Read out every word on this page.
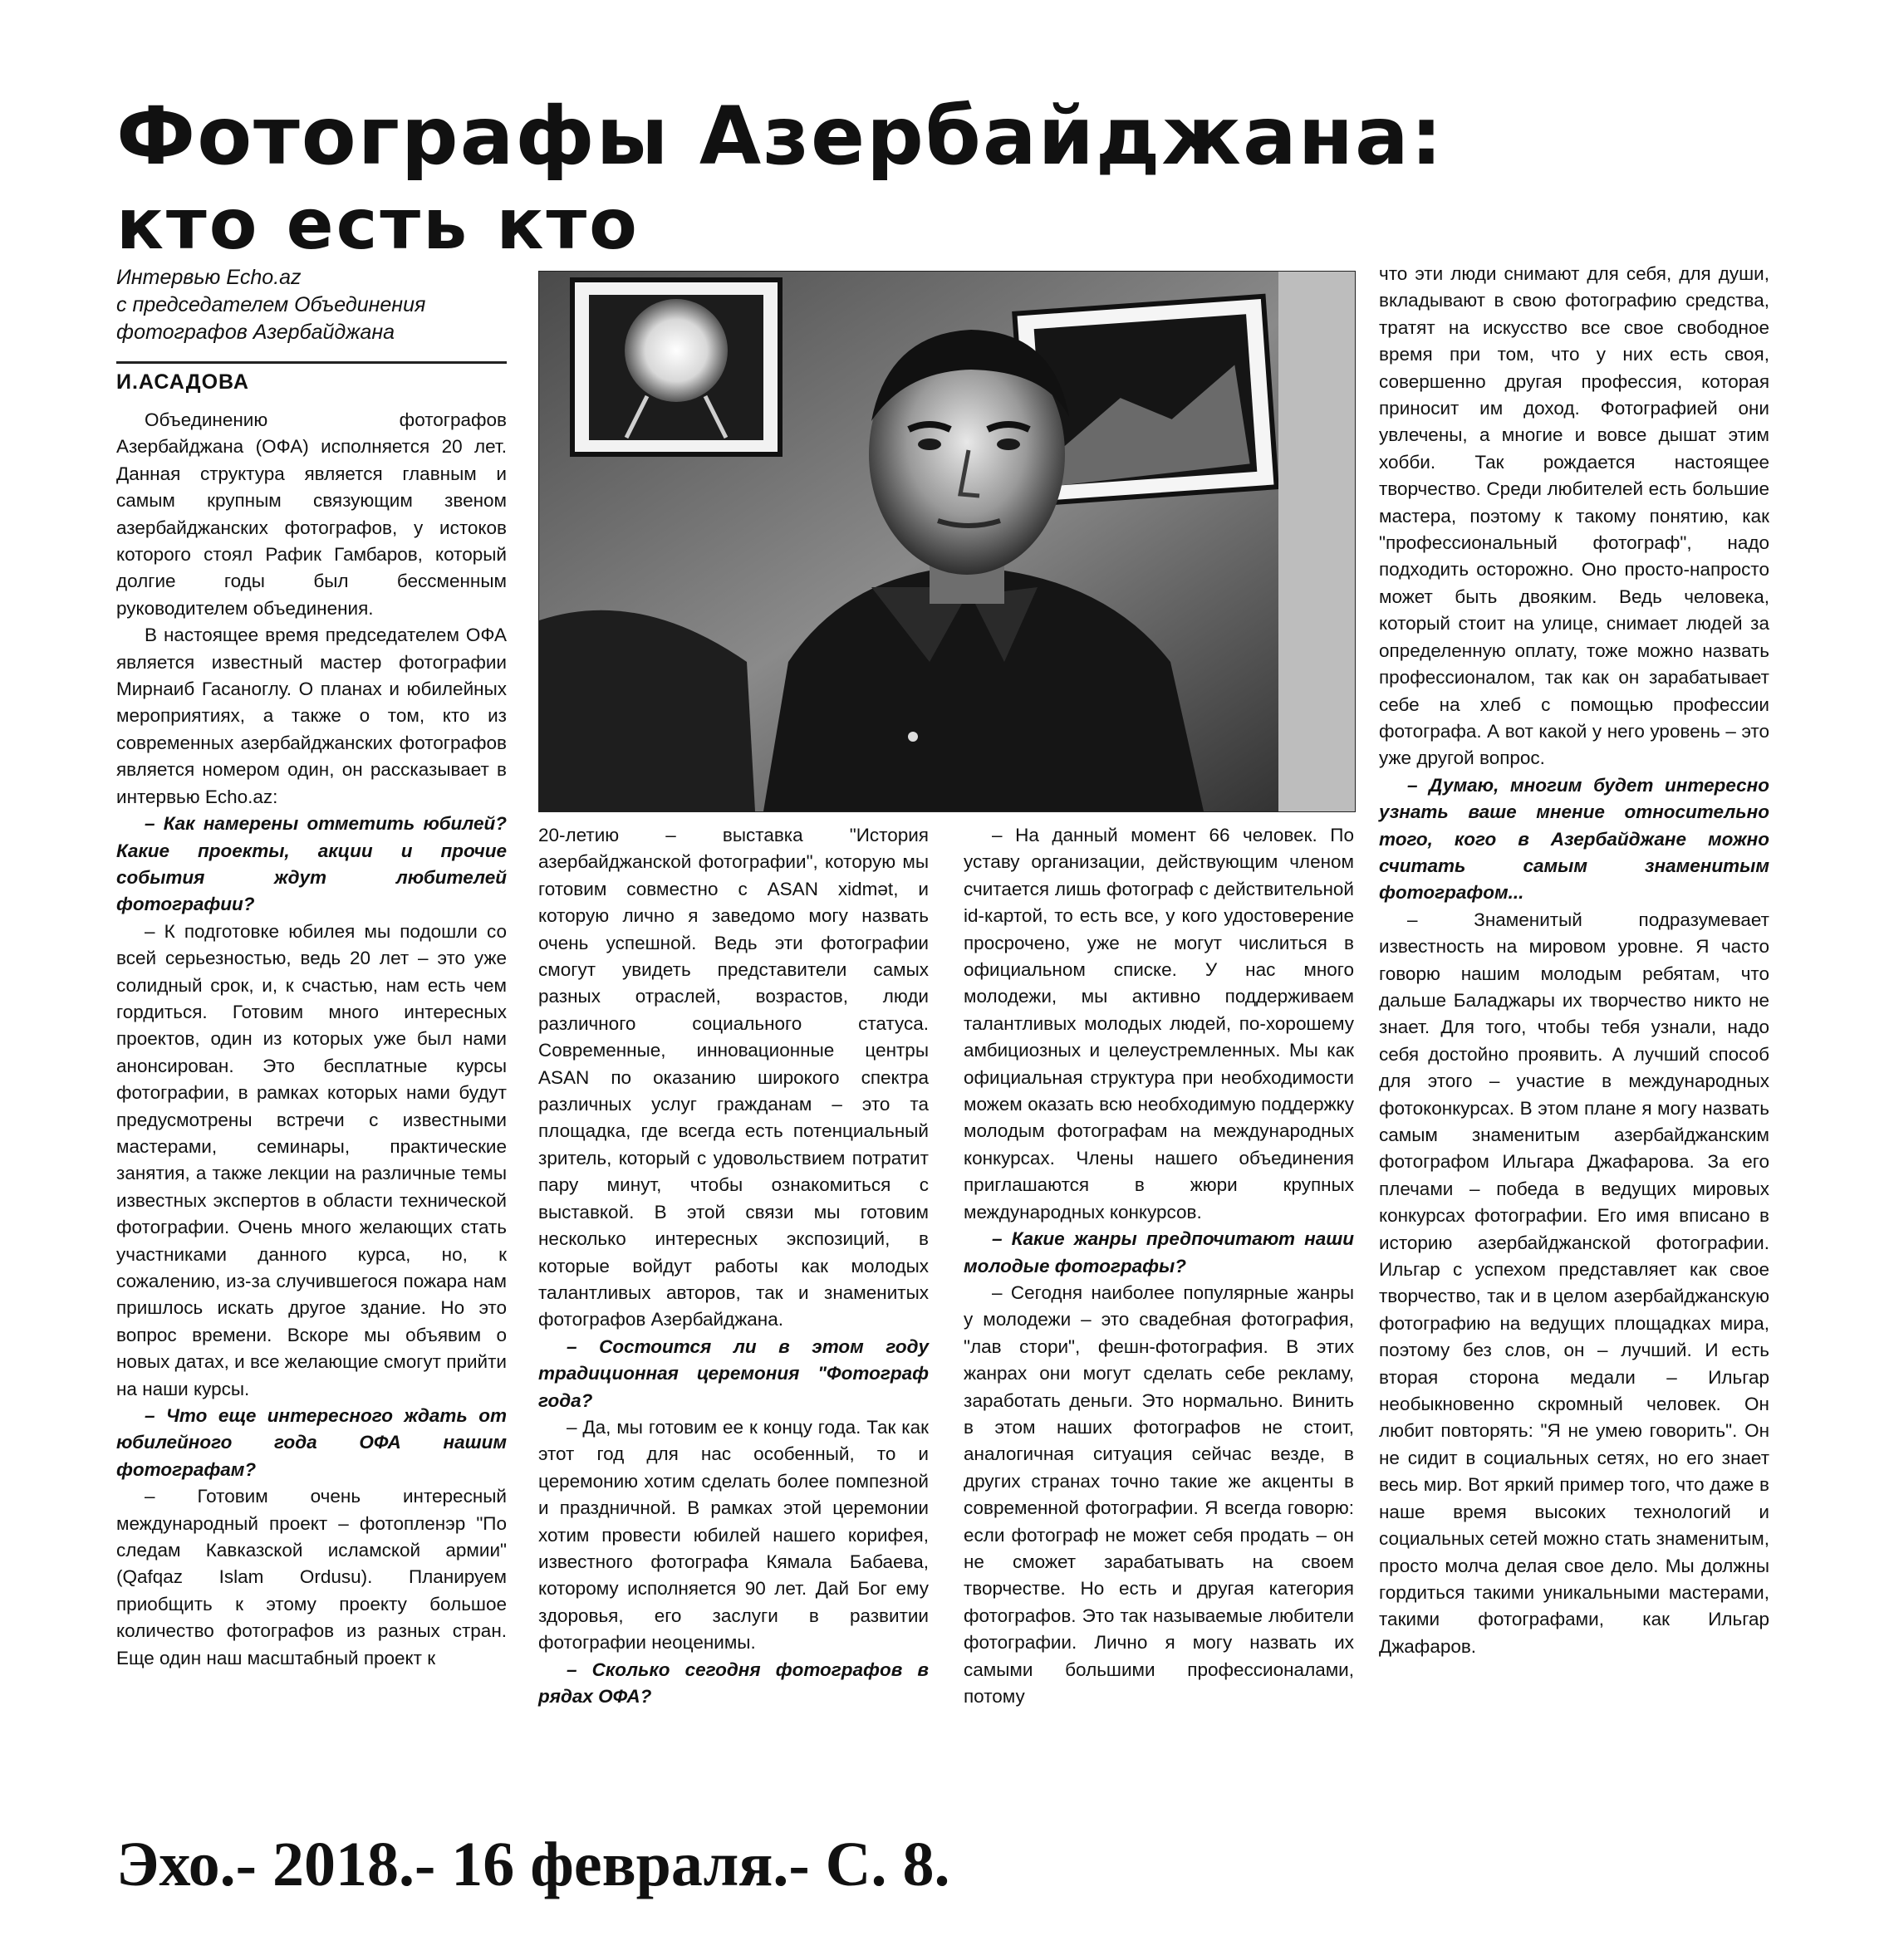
Фотографы Азербайджана:
кто есть кто

Интервью Echo.az

с председателем Объединения

фотографов Азербайджана

И.АСАДОВА

Объединению фотографов Азербайджана (ОФА) исполняется 20 лет. Данная структура является главным и самым крупным связующим звеном азербайджанских фотографов, у истоков которого стоял Рафик Гамбаров, который долгие годы был бессменным руководителем объединения.

В настоящее время председателем ОФА является известный мастер фотографии Мирнаиб Гасаноглу. О планах и юбилейных мероприятиях, а также о том, кто из современных азербайджанских фотографов является номером один, он рассказывает в интервью Echo.az:

– Как намерены отметить юбилей? Какие проекты, акции и прочие события ждут любителей фотографии?

– К подготовке юбилея мы подошли со всей серьезностью, ведь 20 лет – это уже солидный срок, и, к счастью, нам есть чем гордиться. Готовим много интересных проектов, один из которых уже был нами анонсирован. Это бесплатные курсы фотографии, в рамках которых нами будут предусмотрены встречи с известными мастерами, семинары, практические занятия, а также лекции на различные темы известных экспертов в области технической фотографии. Очень много желающих стать участниками данного курса, но, к сожалению, из-за случившегося пожара нам пришлось искать другое здание. Но это вопрос времени. Вскоре мы объявим о новых датах, и все желающие смогут прийти на наши курсы.

– Что еще интересного ждать от юбилейного года ОФА нашим фотографам?

– Готовим очень интересный международный проект – фотопленэр "По следам Кавказской исламской армии" (Qafqaz Islam Ordusu). Планируем приобщить к этому проекту большое количество фотографов из разных стран. Еще один наш масштабный проект к

20-летию – выставка "История азербайджанской фотографии", которую мы готовим совместно с ASAN xidmət, и которую лично я заведомо могу назвать очень успешной. Ведь эти фотографии смогут увидеть представители самых разных отраслей, возрастов, люди различного социального статуса. Современные, инновационные центры ASAN по оказанию широкого спектра различных услуг гражданам – это та площадка, где всегда есть потенциальный зритель, который с удовольствием потратит пару минут, чтобы ознакомиться с выставкой. В этой связи мы готовим несколько интересных экспозиций, в которые войдут работы как молодых талантливых авторов, так и знаменитых фотографов Азербайджана.

– Состоится ли в этом году традиционная церемония "Фотограф года?

– Да, мы готовим ее к концу года. Так как этот год для нас особенный, то и церемонию хотим сделать более помпезной и праздничной. В рамках этой церемонии хотим провести юбилей нашего корифея, известного фотографа Кямала Бабаева, которому исполняется 90 лет. Дай Бог ему здоровья, его заслуги в развитии фотографии неоценимы.

– Сколько сегодня фотографов в рядах ОФА?

– На данный момент 66 человек. По уставу организации, действующим членом считается лишь фотограф с действительной id-картой, то есть все, у кого удостоверение просрочено, уже не могут числиться в официальном списке. У нас много молодежи, мы активно поддерживаем талантливых молодых людей, по-хорошему амбициозных и целеустремленных. Мы как официальная структура при необходимости можем оказать всю необходимую поддержку молодым фотографам на международных конкурсах. Члены нашего объединения приглашаются в жюри крупных международных конкурсов.

– Какие жанры предпочитают наши молодые фотографы?

– Сегодня наиболее популярные жанры у молодежи – это свадебная фотография, "лав стори", фешн-фотография. В этих жанрах они могут сделать себе рекламу, заработать деньги. Это нормально. Винить в этом наших фотографов не стоит, аналогичная ситуация сейчас везде, в других странах точно такие же акценты в современной фотографии. Я всегда говорю: если фотограф не может себя продать – он не сможет зарабатывать на своем творчестве. Но есть и другая категория фотографов. Это так называемые любители фотографии. Лично я могу назвать их самыми большими профессионалами, потому

что эти люди снимают для себя, для души, вкладывают в свою фотографию средства, тратят на искусство все свое свободное время при том, что у них есть своя, совершенно другая профессия, которая приносит им доход. Фотографией они увлечены, а многие и вовсе дышат этим хобби. Так рождается настоящее творчество. Среди любителей есть большие мастера, поэтому к такому понятию, как "профессиональный фотограф", надо подходить осторожно. Оно просто-напросто может быть двояким. Ведь человека, который стоит на улице, снимает людей за определенную оплату, тоже можно назвать профессионалом, так как он зарабатывает себе на хлеб с помощью профессии фотографа. А вот какой у него уровень – это уже другой вопрос.

– Думаю, многим будет интересно узнать ваше мнение относительно того, кого в Азербайджане можно считать самым знаменитым фотографом...

– Знаменитый подразумевает известность на мировом уровне. Я часто говорю нашим молодым ребятам, что дальше Баладжары их творчество никто не знает. Для того, чтобы тебя узнали, надо себя достойно проявить. А лучший способ для этого – участие в международных фотоконкурсах. В этом плане я могу назвать самым знаменитым азербайджанским фотографом Ильгара Джафарова. За его плечами – победа в ведущих мировых конкурсах фотографии. Его имя вписано в историю азербайджанской фотографии. Ильгар с успехом представляет как свое творчество, так и в целом азербайджанскую фотографию на ведущих площадках мира, поэтому без слов, он – лучший. И есть вторая сторона медали – Ильгар необыкновенно скромный человек. Он любит повторять: "Я не умею говорить". Он не сидит в социальных сетях, но его знает весь мир. Вот яркий пример того, что даже в наше время высоких технологий и социальных сетей можно стать знаменитым, просто молча делая свое дело. Мы должны гордиться такими уникальными мастерами, такими фотографами, как Ильгар Джафаров.

Эхо.- 2018.- 16 февраля.- С. 8.
